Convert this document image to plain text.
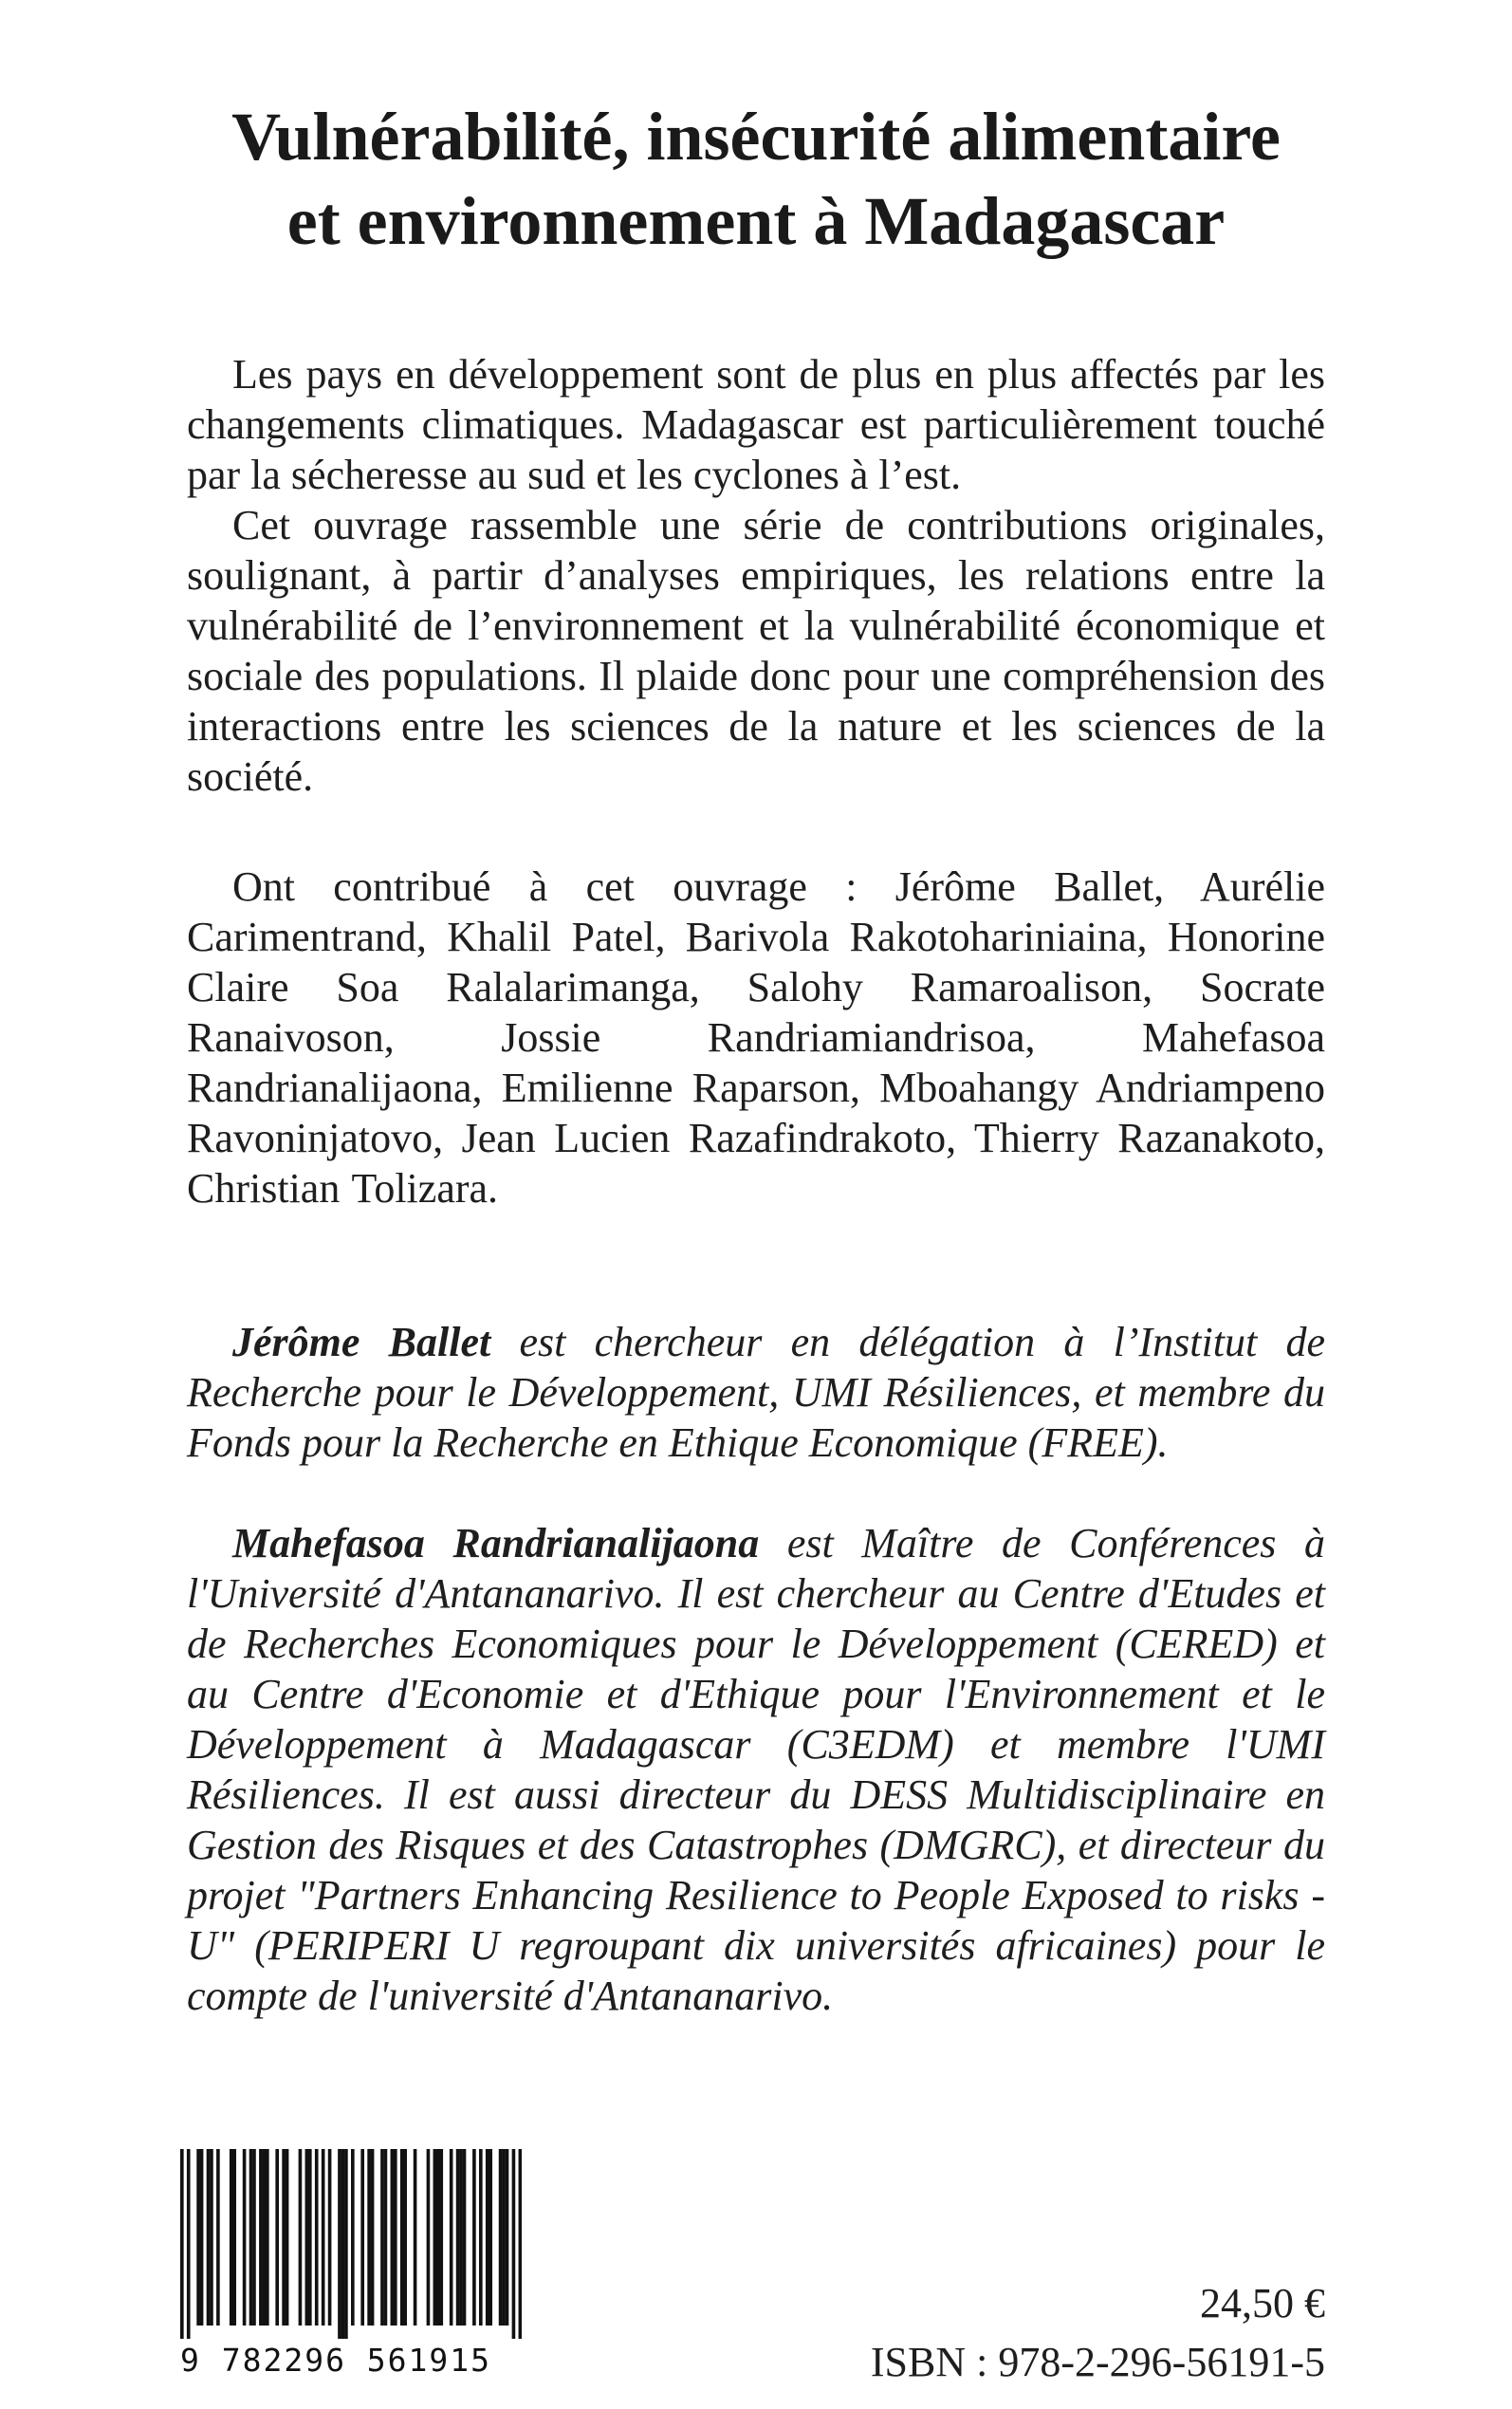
Vulnérabilité, insécurité alimentaire
et environnement à Madagascar

Les pays en développement sont de plus en plus affectés par les changements climatiques. Madagascar est particulièrement touché par la sécheresse au sud et les cyclones à l’est.

Cet ouvrage rassemble une série de contributions originales, soulignant, à partir d’analyses empiriques, les relations entre la vulnérabilité de l’environnement et la vulnérabilité économique et sociale des populations. Il plaide donc pour une compréhension des interactions entre les sciences de la nature et les sciences de la société.

Ont contribué à cet ouvrage : Jérôme Ballet, Aurélie Carimentrand, Khalil Patel, Barivola Rakotohariniaina, Honorine Claire Soa Ralalarimanga, Salohy Ramaroalison, Socrate Ranaivoson, Jossie Randriamiandrisoa, Mahefasoa Randrianalijaona, Emilienne Raparson, Mboahangy Andriampeno Ravoninjatovo, Jean Lucien Razafindrakoto, Thierry Razanakoto, Christian Tolizara.

Jérôme Ballet est chercheur en délégation à l’Institut de Recherche pour le Développement, UMI Résiliences, et membre du Fonds pour la Recherche en Ethique Economique (FREE).

Mahefasoa Randrianalijaona est Maître de Conférences à l'Université d'Antananarivo. Il est chercheur au Centre d'Etudes et de Recherches Economiques pour le Développement (CERED) et au Centre d'Economie et d'Ethique pour l'Environnement et le Développement à Madagascar (C3EDM) et membre l'UMI Résiliences. Il est aussi directeur du DESS Multidisciplinaire en Gestion des Risques et des Catastrophes (DMGRC), et directeur du projet "Partners Enhancing Resilience to People Exposed to risks - U" (PERIPERI U regroupant dix universités africaines) pour le compte de l'université d'Antananarivo.

9 782296 561915
24,50 €
ISBN : 978-2-296-56191-5
